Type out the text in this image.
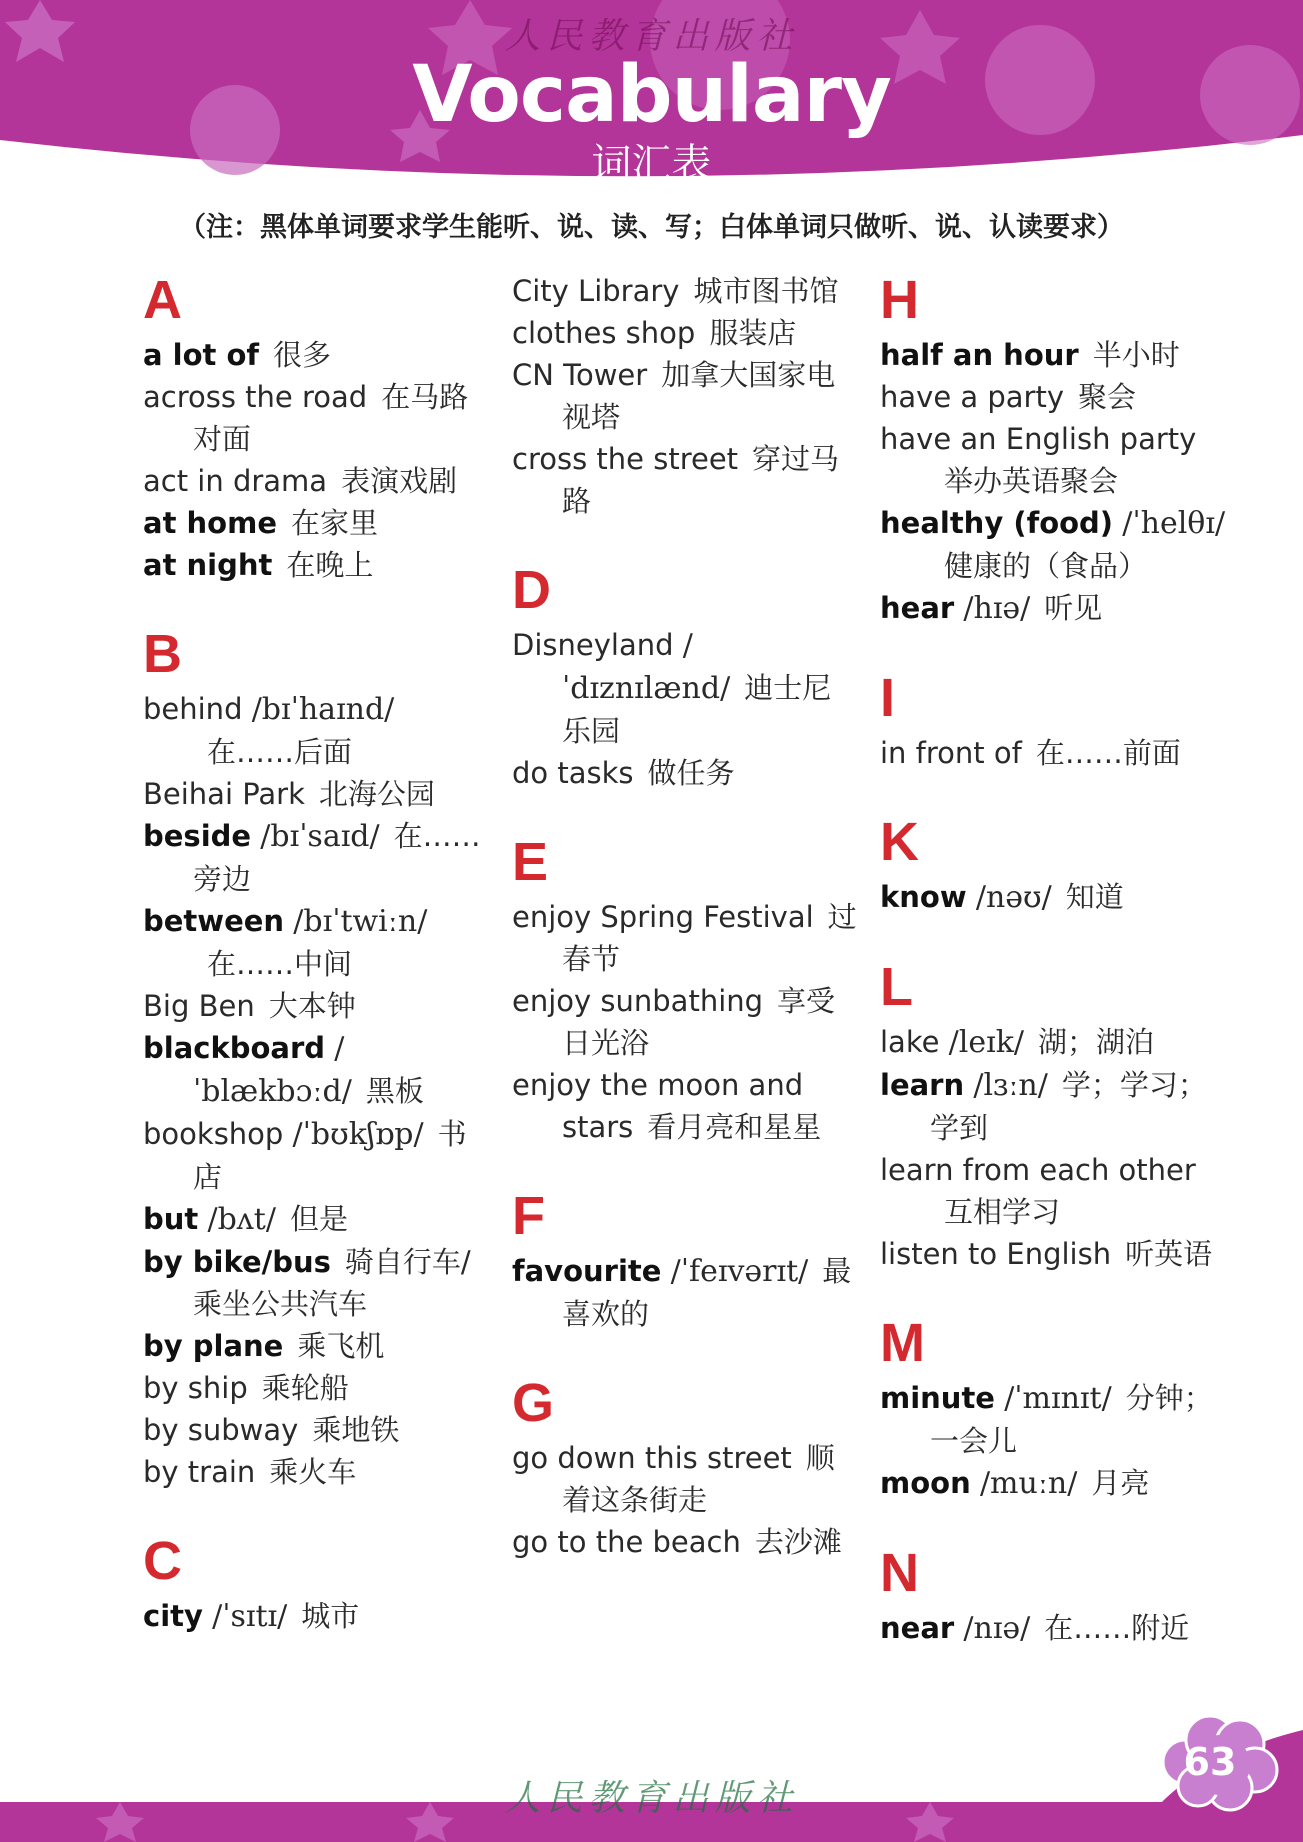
人民教育出版社
Vocabulary
词汇表
（注：黑体单词要求学生能听、说、读、写；白体单词只做听、说、认读要求）
A
a lot of 很多
across the road 在马路对面
act in drama 表演戏剧
at home 在家里
at night 在晚上
B
behind /bɪˈhaɪnd/在……后面
Beihai Park 北海公园
beside /bɪˈsaɪd/ 在……旁边
between /bɪˈtwiːn/在……中间
Big Ben 大本钟
blackboard /ˈblækbɔːd/ 黑板
bookshop /ˈbʊkʃɒp/ 书店
but /bʌt/ 但是
by bike/bus 骑自行车/乘坐公共汽车
by plane 乘飞机
by ship 乘轮船
by subway 乘地铁
by train 乘火车
C
city /ˈsɪtɪ/ 城市
City Library 城市图书馆
clothes shop 服装店
CN Tower 加拿大国家电视塔
cross the street 穿过马路
D
Disneyland /ˈdɪznɪlænd/ 迪士尼乐园
do tasks 做任务
E
enjoy Spring Festival 过春节
enjoy sunbathing 享受日光浴
enjoy the moon and stars 看月亮和星星
F
favourite /ˈfeɪvərɪt/ 最喜欢的
G
go down this street 顺着这条街走
go to the beach 去沙滩
H
half an hour 半小时
have a party 聚会
have an English party举办英语聚会
healthy (food) /ˈhelθɪ/健康的（食品）
hear /hɪə/ 听见
I
in front of 在……前面
K
know /nəʊ/ 知道
L
lake /leɪk/ 湖；湖泊
learn /lɜːn/ 学；学习；学到
learn from each other互相学习
listen to English 听英语
M
minute /ˈmɪnɪt/ 分钟；一会儿
moon /muːn/ 月亮
N
near /nɪə/ 在……附近
人民教育出版社
63
